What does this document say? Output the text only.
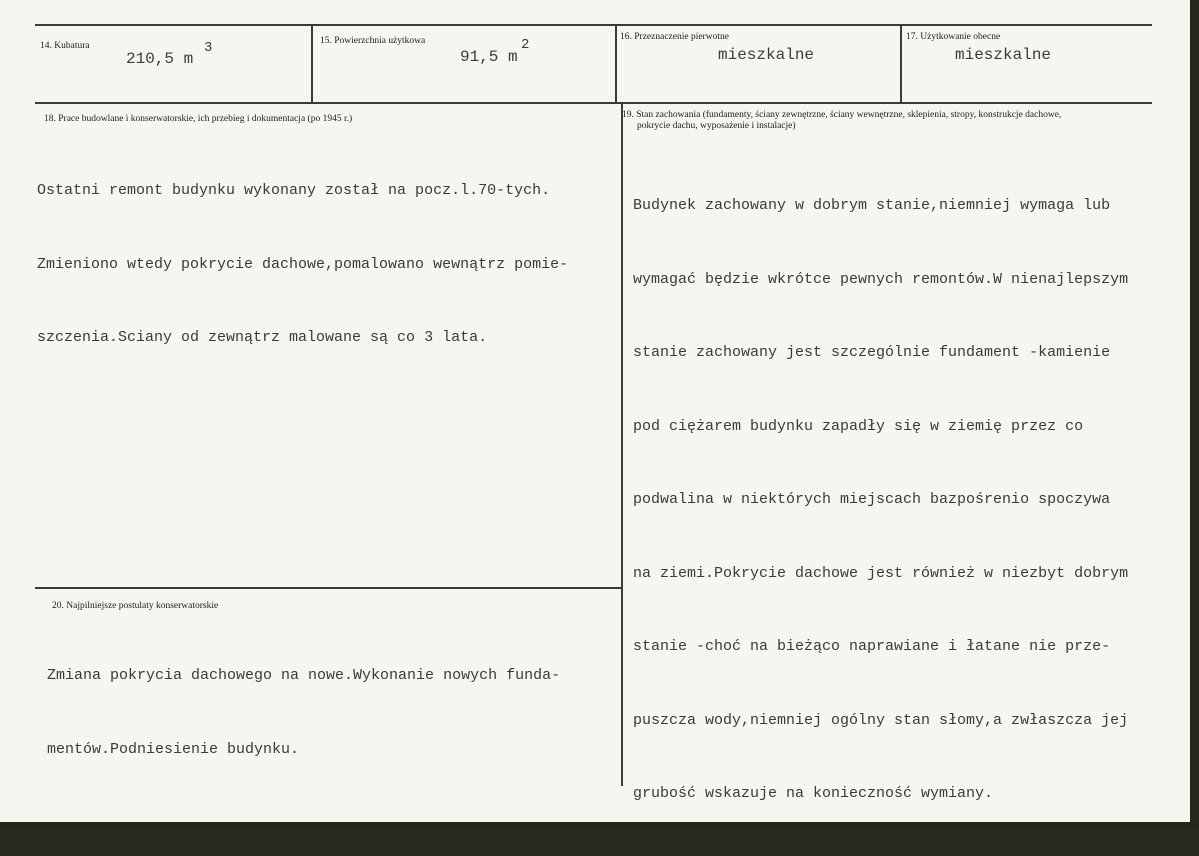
14. Kubatura
210,5 m
3	15. Powierzchnia użytkowa
91,5 m
2	16. Przeznaczenie pierwotne
mieszkalne
17. Użytkowanie obecne
mieszkalne
18. Prace budowlane i konserwatorskie, ich przebieg i dokumentacja (po 1945 r.)

Ostatni remont budynku wykonany został na pocz.l.70-tych.

Zmieniono wtedy pokrycie dachowe,pomalowano wewnątrz pomie-

szczenia.Sciany od zewnątrz malowane są co 3 lata.

19. Stan zachowania (fundamenty, ściany zewnętrzne, ściany wewnętrzne, sklepienia, stropy, konstrukcje dachowe,
pokrycie dachu, wyposażenie i instalacje)

Budynek zachowany w dobrym stanie,niemniej wymaga lub

wymagać będzie wkrótce pewnych remontów.W nienajlepszym

stanie zachowany jest szczególnie fundament -kamienie

pod ciężarem budynku zapadły się w ziemię przez co

podwalina w niektórych miejscach bazpośrenio spoczywa

na ziemi.Pokrycie dachowe jest również w niezbyt dobrym

stanie -choć na bieżąco naprawiane i łatane nie prze-

puszcza wody,niemniej ogólny stan słomy,a zwłaszcza jej

grubość wskazuje na konieczność wymiany.

20. Najpilniejsze postulaty konserwatorskie

Zmiana pokrycia dachowego na nowe.Wykonanie nowych funda-

mentów.Podniesienie budynku.
